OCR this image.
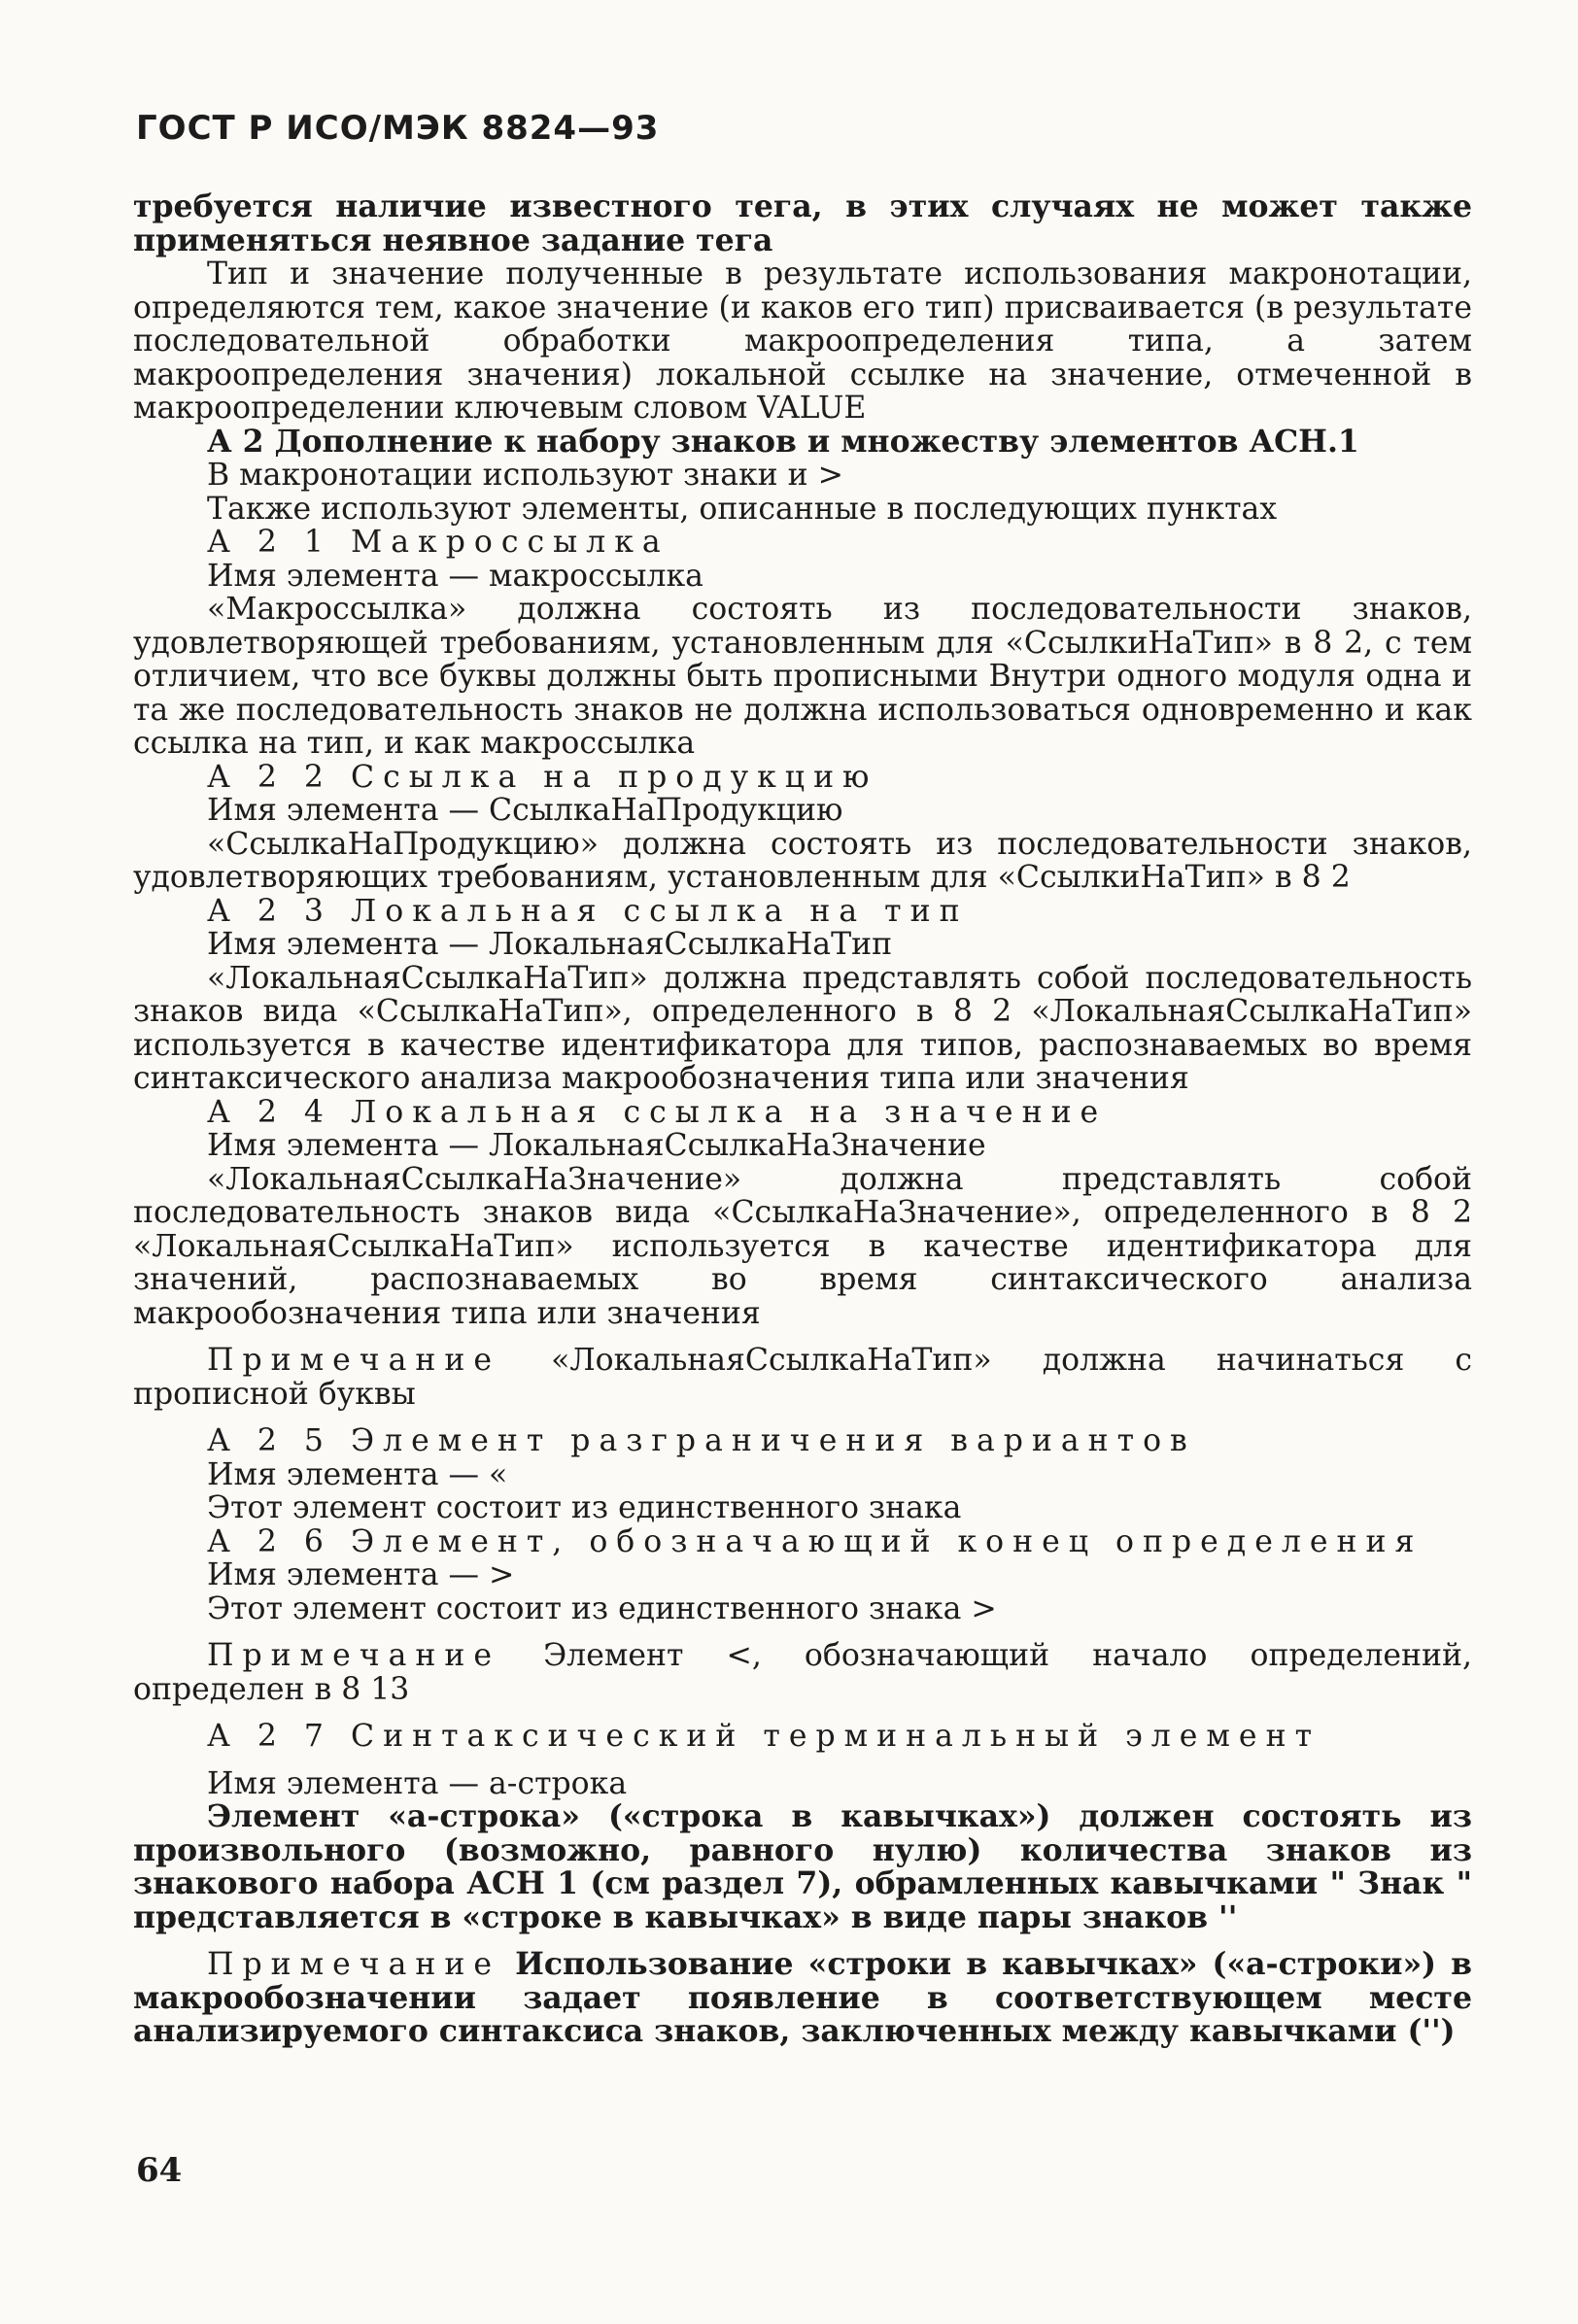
ГОСТ Р ИСО/МЭК 8824—93

требуется наличие известного тега, в этих случаях не может также применяться неявное задание тега

Тип и значение полученные в результате использования макронотации, определяются тем, какое значение (и каков его тип) присваивается (в результате последовательной обработки макроопределения типа, а затем макроопределения значения) локальной ссылке на значение, отмеченной в макроопределении ключевым словом VALUE

А 2 Дополнение к набору знаков и множеству элементов АСН.1

В макронотации используют знаки и >

Также используют элементы, описанные в последующих пунктах

А 2 1 Макроссылка

Имя элемента — макроссылка

«Макроссылка» должна состоять из последовательности знаков, удовлетворяющей требованиям, установленным для «СсылкиНаТип» в 8 2, с тем отличием, что все буквы должны быть прописными Внутри одного модуля одна и та же последовательность знаков не должна использоваться одновременно и как ссылка на тип, и как макроссылка

А 2 2 Ссылка на продукцию

Имя элемента — СсылкаНаПродукцию

«СсылкаНаПродукцию» должна состоять из последовательности знаков, удовлетворяющих требованиям, установленным для «СсылкиНаТип» в 8 2

А 2 3 Локальная ссылка на тип

Имя элемента — ЛокальнаяСсылкаНаТип

«ЛокальнаяСсылкаНаТип» должна представлять собой последовательность знаков вида «СсылкаНаТип», определенного в 8 2 «ЛокальнаяСсылкаНаТип» используется в качестве идентификатора для типов, распознаваемых во время синтаксического анализа макрообозначения типа или значения

А 2 4 Локальная ссылка на значение

Имя элемента — ЛокальнаяСсылкаНаЗначение

«ЛокальнаяСсылкаНаЗначение» должна представлять собой последовательность знаков вида «СсылкаНаЗначение», определенного в 8 2 «ЛокальнаяСсылкаНаТип» используется в качестве идентификатора для значений, распознаваемых во время синтаксического анализа макрообозначения типа или значения

Примечание «ЛокальнаяСсылкаНаТип» должна начинаться с прописной буквы

А 2 5 Элемент разграничения вариантов

Имя элемента — «

Этот элемент состоит из единственного знака

А 2 6 Элемент, обозначающий конец определения

Имя элемента — >

Этот элемент состоит из единственного знака >

Примечание Элемент <, обозначающий начало определений, определен в 8 13

А 2 7 Синтаксический терминальный элемент

Имя элемента — а-строка

Элемент «а-строка» («строка в кавычках») должен состоять из произвольного (возможно, равного нулю) количества знаков из знакового набора АСН 1 (см раздел 7), обрамленных кавычками " Знак " представляется в «строке в кавычках» в виде пары знаков ''

Примечание Использование «строки в кавычках» («а-строки») в макрообозначении задает появление в соответствующем месте анализируемого синтаксиса знаков, заключенных между кавычками ('')

64
